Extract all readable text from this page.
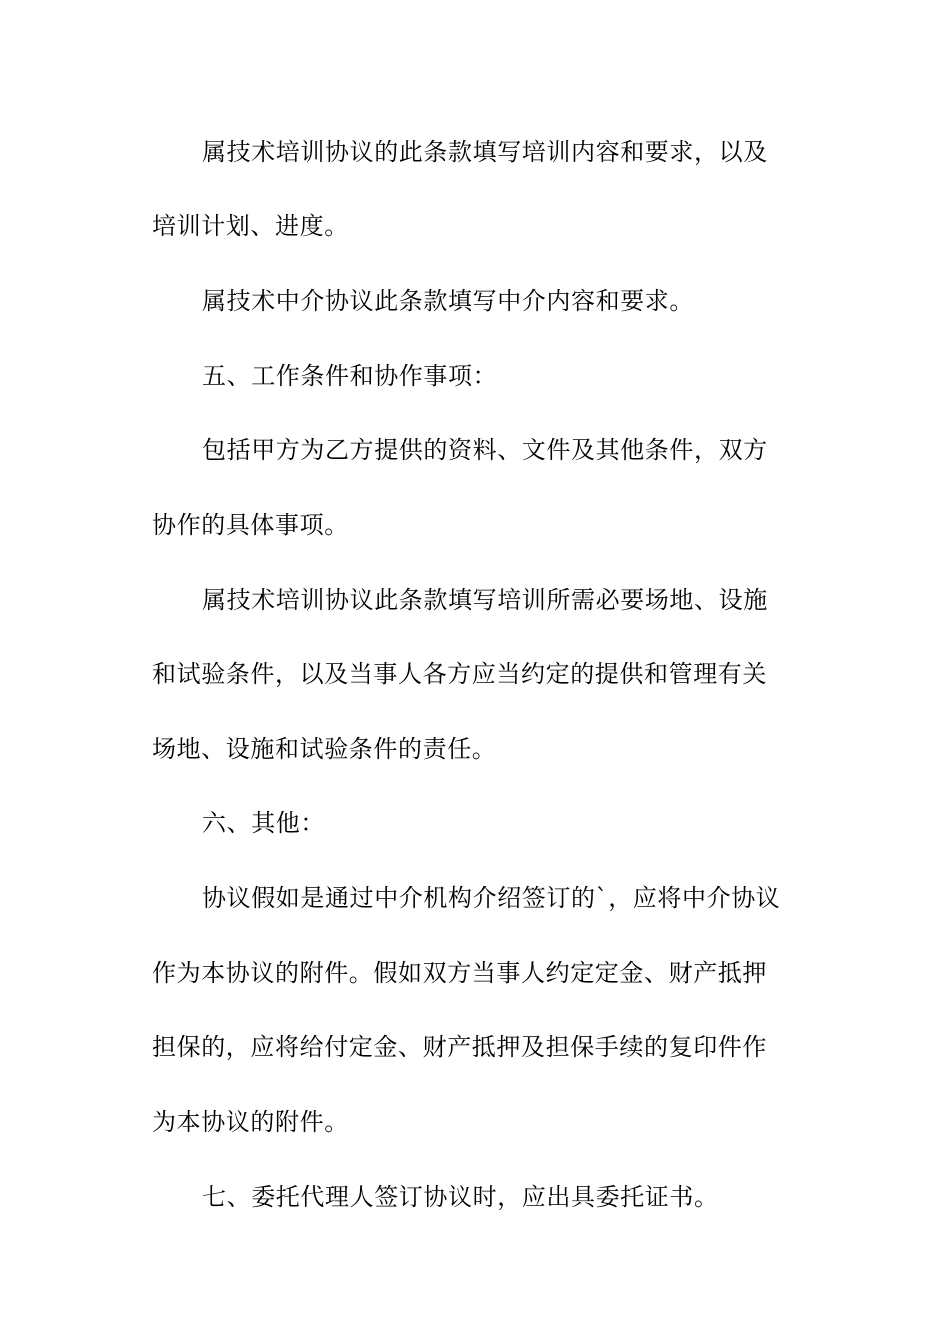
属技术培训协议的此条款填写培训内容和要求，以及
培训计划、进度。
属技术中介协议此条款填写中介内容和要求。
五、工作条件和协作事项：
包括甲方为乙方提供的资料、文件及其他条件，双方
协作的具体事项。
属技术培训协议此条款填写培训所需必要场地、设施
和试验条件，以及当事人各方应当约定的提供和管理有关
场地、设施和试验条件的责任。
六、其他：
协议假如是通过中介机构介绍签订的`，应将中介协议
作为本协议的附件。假如双方当事人约定定金、财产抵押
担保的，应将给付定金、财产抵押及担保手续的复印件作
为本协议的附件。
七、委托代理人签订协议时，应出具委托证书。
